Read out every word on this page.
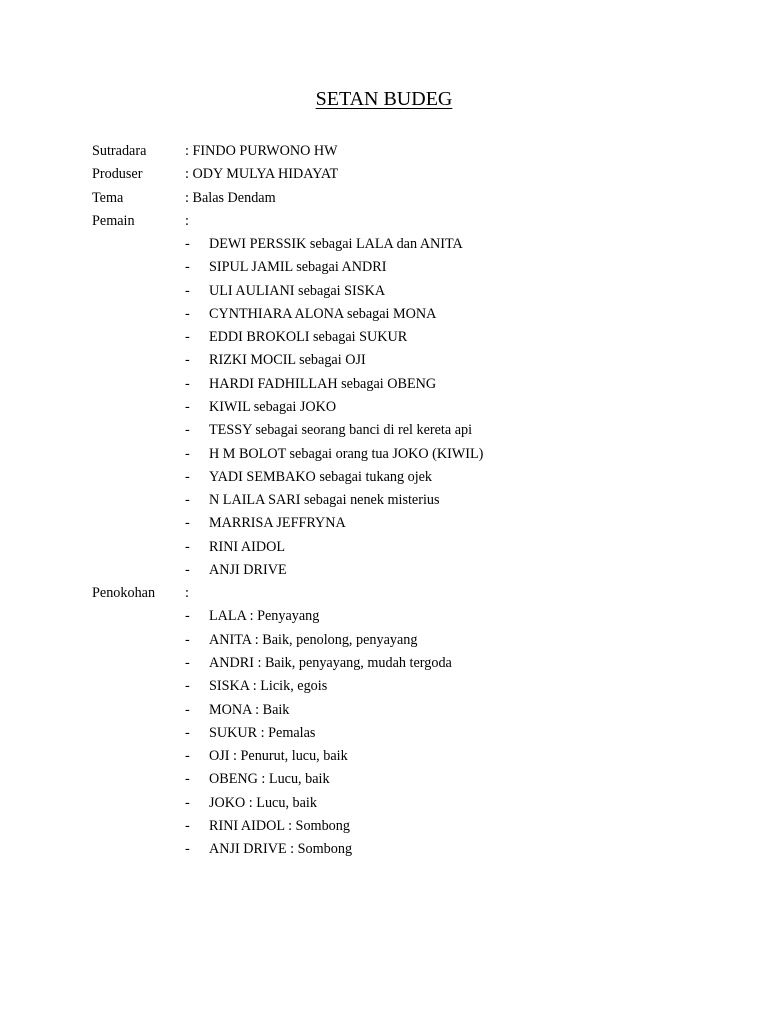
SETAN BUDEG
Sutradara	: FINDO PURWONO HW
Produser	: ODY MULYA HIDAYAT
Tema	: Balas Dendam
Pemain	:
- DEWI PERSSIK sebagai LALA dan ANITA
- SIPUL JAMIL sebagai ANDRI
- ULI AULIANI sebagai SISKA
- CYNTHIARA ALONA sebagai MONA
- EDDI BROKOLI sebagai SUKUR
- RIZKI MOCIL sebagai OJI
- HARDI FADHILLAH sebagai OBENG
- KIWIL sebagai JOKO
- TESSY sebagai seorang banci di rel kereta api
- H M BOLOT sebagai orang tua JOKO (KIWIL)
- YADI SEMBAKO sebagai tukang ojek
- N LAILA SARI sebagai nenek misterius
- MARRISA JEFFRYNA
- RINI AIDOL
- ANJI DRIVE
Penokohan :
- LALA : Penyayang
- ANITA : Baik, penolong, penyayang
- ANDRI : Baik, penyayang, mudah tergoda
- SISKA : Licik, egois
- MONA : Baik
- SUKUR : Pemalas
- OJI : Penurut, lucu, baik
- OBENG : Lucu, baik
- JOKO : Lucu, baik
- RINI AIDOL : Sombong
- ANJI DRIVE : Sombong
